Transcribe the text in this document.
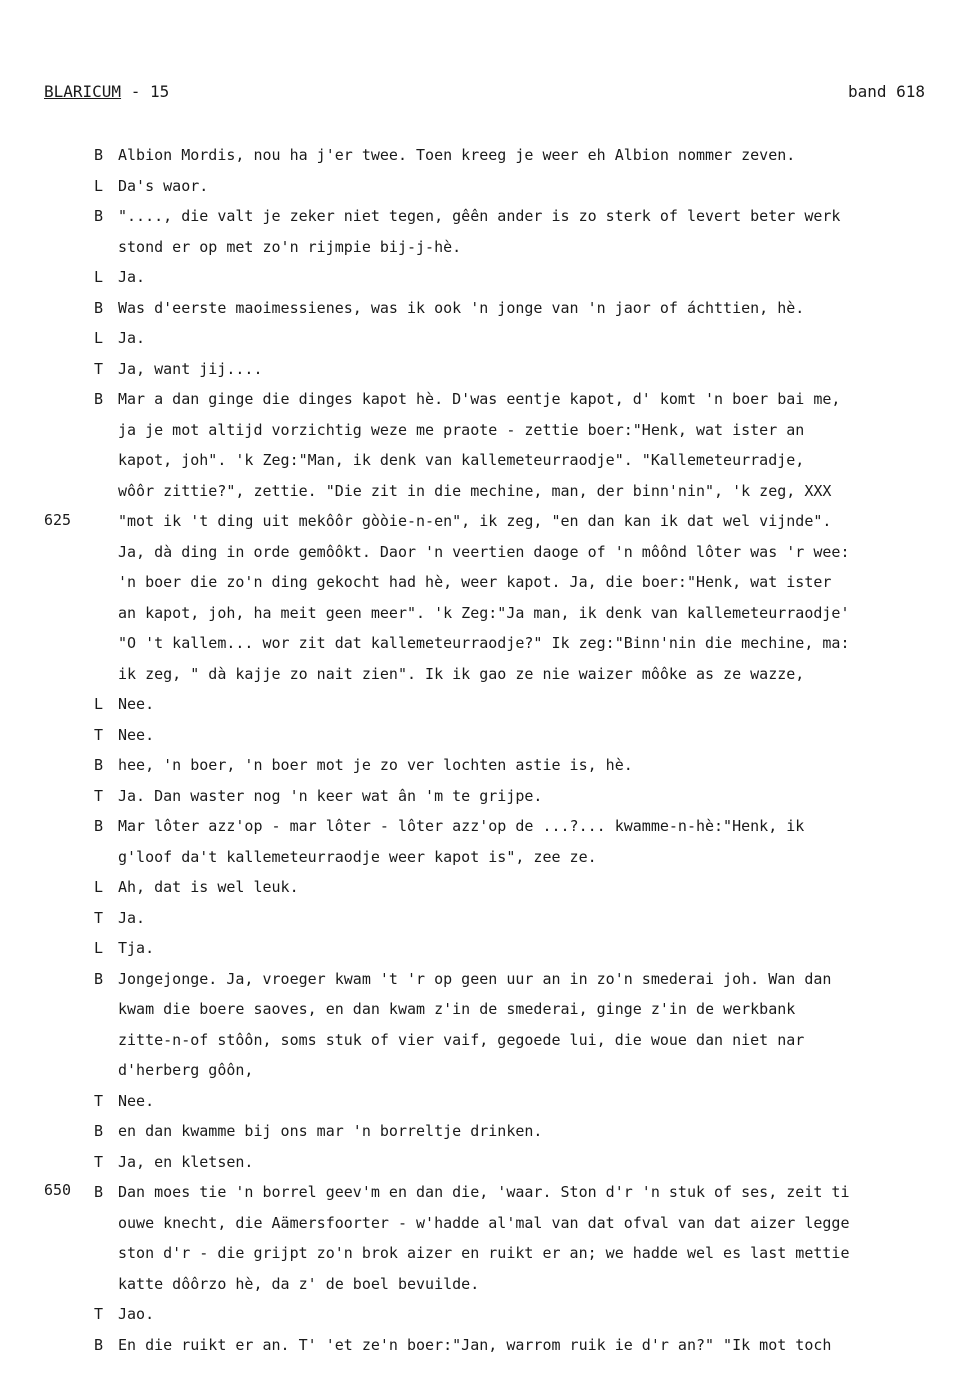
BLARICUM - 15	band 618
625
650
B Albion Mordis, nou ha j'er twee. Toen kreeg je weer eh Albion nommer zeven.
L Da's waor.
B "...., die valt je zeker niet tegen, gêên ander is zo sterk of levert beter werk
stond er op met zo'n rijmpie bij-j-hè.
L Ja.
B Was d'eerste maoimessienes, was ik ook 'n jonge van 'n jaor of áchttien, hè.
L Ja.
T Ja, want jij....
B Mar a dan ginge die dinges kapot hè. D'was eentje kapot, d' komt 'n boer bai me,
ja je mot altijd vorzichtig weze me praote - zettie boer:"Henk, wat ister an
kapot, joh". 'k Zeg:"Man, ik denk van kallemeteurraodje". "Kallemeteurradje,
wôôr zittie?", zettie. "Die zit in die mechine, man, der binn'nin", 'k zeg, XXX
"mot ik 't ding uit mekôôr gòòie-n-en", ik zeg, "en dan kan ik dat wel vijnde".
Ja, dà ding in orde gemôôkt. Daor 'n veertien daoge of 'n môônd lôter was 'r wee:
'n boer die zo'n ding gekocht had hè, weer kapot. Ja, die boer:"Henk, wat ister
an kapot, joh, ha meit geen meer". 'k Zeg:"Ja man, ik denk van kallemeteurraodje'
"O 't kallem... wor zit dat kallemeteurraodje?" Ik zeg:"Binn'nin die mechine, ma:
ik zeg, " dà kajje zo nait zien". Ik ik gao ze nie waizer môôke as ze wazze,
L Nee.
T Nee.
B hee, 'n boer, 'n boer mot je zo ver lochten astie is, hè.
T Ja. Dan waster nog 'n keer wat ân 'm te grijpe.
B Mar lôter azz'op - mar lôter - lôter azz'op de ...?... kwamme-n-hè:"Henk, ik
g'loof da't kallemeteurraodje weer kapot is", zee ze.
L Ah, dat is wel leuk.
T Ja.
L Tja.
B Jongejonge. Ja, vroeger kwam 't 'r op geen uur an in zo'n smederai joh. Wan dan
kwam die boere saoves, en dan kwam z'in de smederai, ginge z'in de werkbank
zitte-n-of stôôn, soms stuk of vier vaif, gegoede lui, die woue dan niet nar
d'herberg gôôn,
T Nee.
B en dan kwamme bij ons mar 'n borreltje drinken.
T Ja, en kletsen.
B Dan moes tie 'n borrel geev'm en dan die, 'waar. Ston d'r 'n stuk of ses, zeit ti
ouwe knecht, die Aämersfoorter - w'hadde al'mal van dat ofval van dat aizer legge
ston d'r - die grijpt zo'n brok aizer en ruikt er an; we hadde wel es last mettie
katte dôôrzo hè, da z' de boel bevuilde.
T Jao.
B En die ruikt er an. T' 'et ze'n boer:"Jan, warrom ruik ie d'r an?" "Ik mot toch
